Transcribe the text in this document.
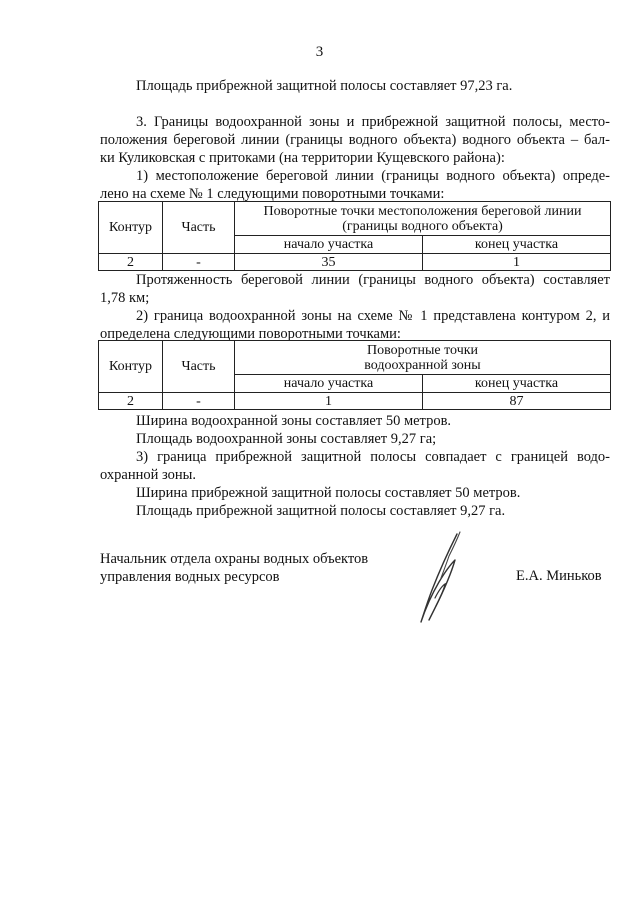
3

Площадь прибрежной защитной полосы составляет 97,23 га.

3. Границы водоохранной зоны и прибрежной защитной полосы, место-
положения береговой линии (границы водного объекта) водного объекта – бал-
ки Куликовская с притоками (на территории Кущевского района):

1) местоположение береговой линии (границы водного объекта) опреде-
лено на схеме № 1 следующими поворотными точками:

Контур	Часть	Поворотные точки местоположения береговой линии
(границы водного объекта)	

		начало участка	конец участка
2	-	35	1

Протяженность береговой линии (границы водного объекта) составляет
1,78 км;

2) граница водоохранной зоны на схеме № 1 представлена контуром 2, и
определена следующими поворотными точками:

Контур	Часть	Поворотные точки
водоохранной зоны	

		начало участка	конец участка
2	-	1	87

Ширина водоохранной зоны составляет 50 метров.

Площадь водоохранной зоны составляет 9,27 га;

3) граница прибрежной защитной полосы совпадает с границей водо-
охранной зоны.

Ширина прибрежной защитной полосы составляет 50 метров.

Площадь прибрежной защитной полосы составляет 9,27 га.

Начальник отдела охраны водных объектов
управления водных ресурсов	Е.А. Миньков
